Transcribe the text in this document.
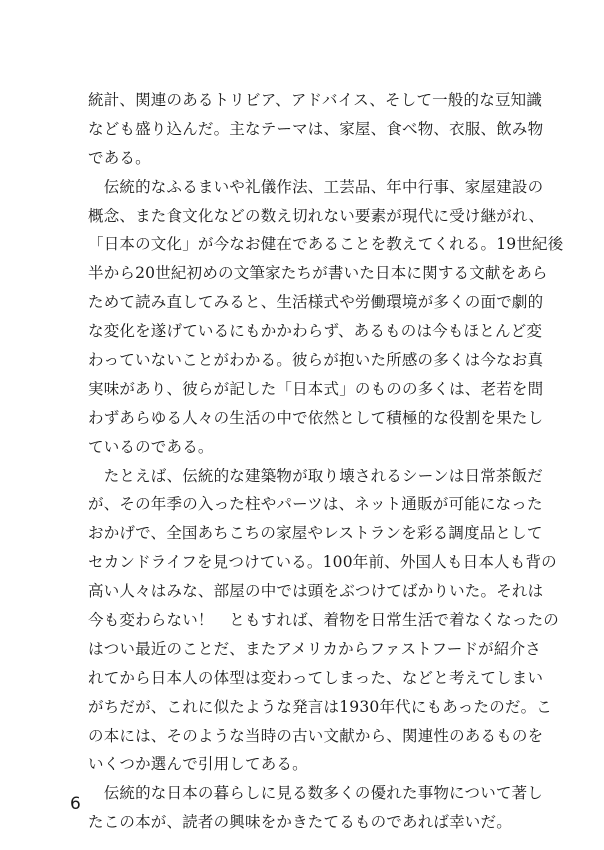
統計、関連のあるトリビア、アドバイス、そして一般的な豆知識
なども盛り込んだ。主なテーマは、家屋、食べ物、衣服、飲み物
である。

　伝統的なふるまいや礼儀作法、工芸品、年中行事、家屋建設の
概念、また食文化などの数え切れない要素が現代に受け継がれ、
「日本の文化」が今なお健在であることを教えてくれる。19世紀後
半から20世紀初めの文筆家たちが書いた日本に関する文献をあら
ためて読み直してみると、生活様式や労働環境が多くの面で劇的
な変化を遂げているにもかかわらず、あるものは今もほとんど変
わっていないことがわかる。彼らが抱いた所感の多くは今なお真
実味があり、彼らが記した「日本式」のものの多くは、老若を問
わずあらゆる人々の生活の中で依然として積極的な役割を果たし
ているのである。

　たとえば、伝統的な建築物が取り壊されるシーンは日常茶飯だ
が、その年季の入った柱やパーツは、ネット通販が可能になった
おかげで、全国あちこちの家屋やレストランを彩る調度品として
セカンドライフを見つけている。100年前、外国人も日本人も背の
高い人々はみな、部屋の中では頭をぶつけてばかりいた。それは
今も変わらない！　ともすれば、着物を日常生活で着なくなったの
はつい最近のことだ、またアメリカからファストフードが紹介さ
れてから日本人の体型は変わってしまった、などと考えてしまい
がちだが、これに似たような発言は1930年代にもあったのだ。こ
の本には、そのような当時の古い文献から、関連性のあるものを
いくつか選んで引用してある。

　伝統的な日本の暮らしに見る数多くの優れた事物について著し
たこの本が、読者の興味をかきたてるものであれば幸いだ。

6
